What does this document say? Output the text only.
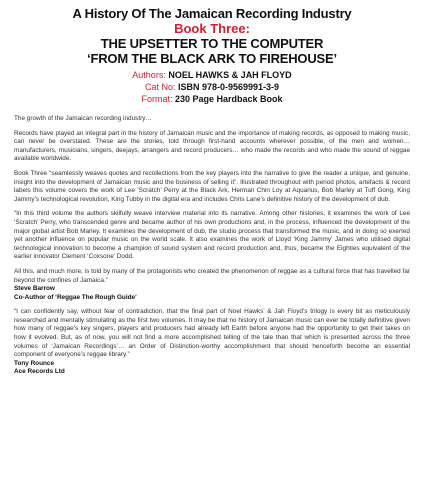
A History Of The Jamaican Recording Industry
Book Three:
THE UPSETTER TO THE COMPUTER
‘FROM THE BLACK ARK TO FIREHOUSE’
Authors: NOEL HAWKS & JAH FLOYD
Cat No: ISBN 978-0-9569991-3-9
Format: 230 Page Hardback Book

The growth of the Jamaican recording industry…

Records have played an integral part in the history of Jamaican music and the importance of making records, as opposed to making music, can never be overstated. These are the stories, told through first-hand accounts wherever possible, of the men and women… manufacturers, musicians, singers, deejays, arrangers and record producers… who made the records and who made the sound of reggae available worldwide.

Book Three “seamlessly weaves quotes and recollections from the key players into the narrative to give the reader a unique, and genuine, insight into the development of Jamaican music and the business of selling it”. Illustrated throughout with period photos, artefacts & record labels this volume covers the work of Lee ‘Scratch’ Perry at the Black Ark, Herman Chin Loy at Aquarius, Bob Marley at Tuff Gong, King Jammy’s technological revolution, King Tubby in the digital era and includes Chris Lane’s definitive history of the development of dub.

“In this third volume the authors skilfully weave interview material into its narrative. Among other histories, it examines the work of Lee ‘Scratch’ Perry, who transcended genre and became author of his own productions and, in the process, influenced the development of the major global artist Bob Marley. It examines the development of dub, the studio process that transformed the music, and in doing so exerted yet another influence on popular music on the world scale. It also examines the work of Lloyd ‘King Jammy’ James who utilised digital technological innovation to become a champion of sound system and record production and, thus, became the Eighties equivalent of the earlier innovator Clement ‘Coxsone’ Dodd.

All this, and much more, is told by many of the protagonists who created the phenomenon of reggae as a cultural force that has travelled far beyond the confines of Jamaica.”

Steve Barrow
Co-Author of ‘Reggae The Rough Guide’

“I can confidently say, without fear of contradiction, that the final part of Noel Hawks’ & Jah Floyd’s trilogy is every bit as meticulously researched and mentally stimulating as the first two volumes. It may be that no history of Jamaican music can ever be totally definitive given how many of reggae’s key singers, players and producers had already left Earth before anyone had the opportunity to get their takes on how it evolved. But, as of now, you will not find a more accomplished telling of the tale than that which is presented across the three volumes of ‘Jamaican Recordings’… an Order of Distinction-worthy accomplishment that should henceforth become an essential component of everyone’s reggae library.”

Tony Rounce
Ace Records Ltd
